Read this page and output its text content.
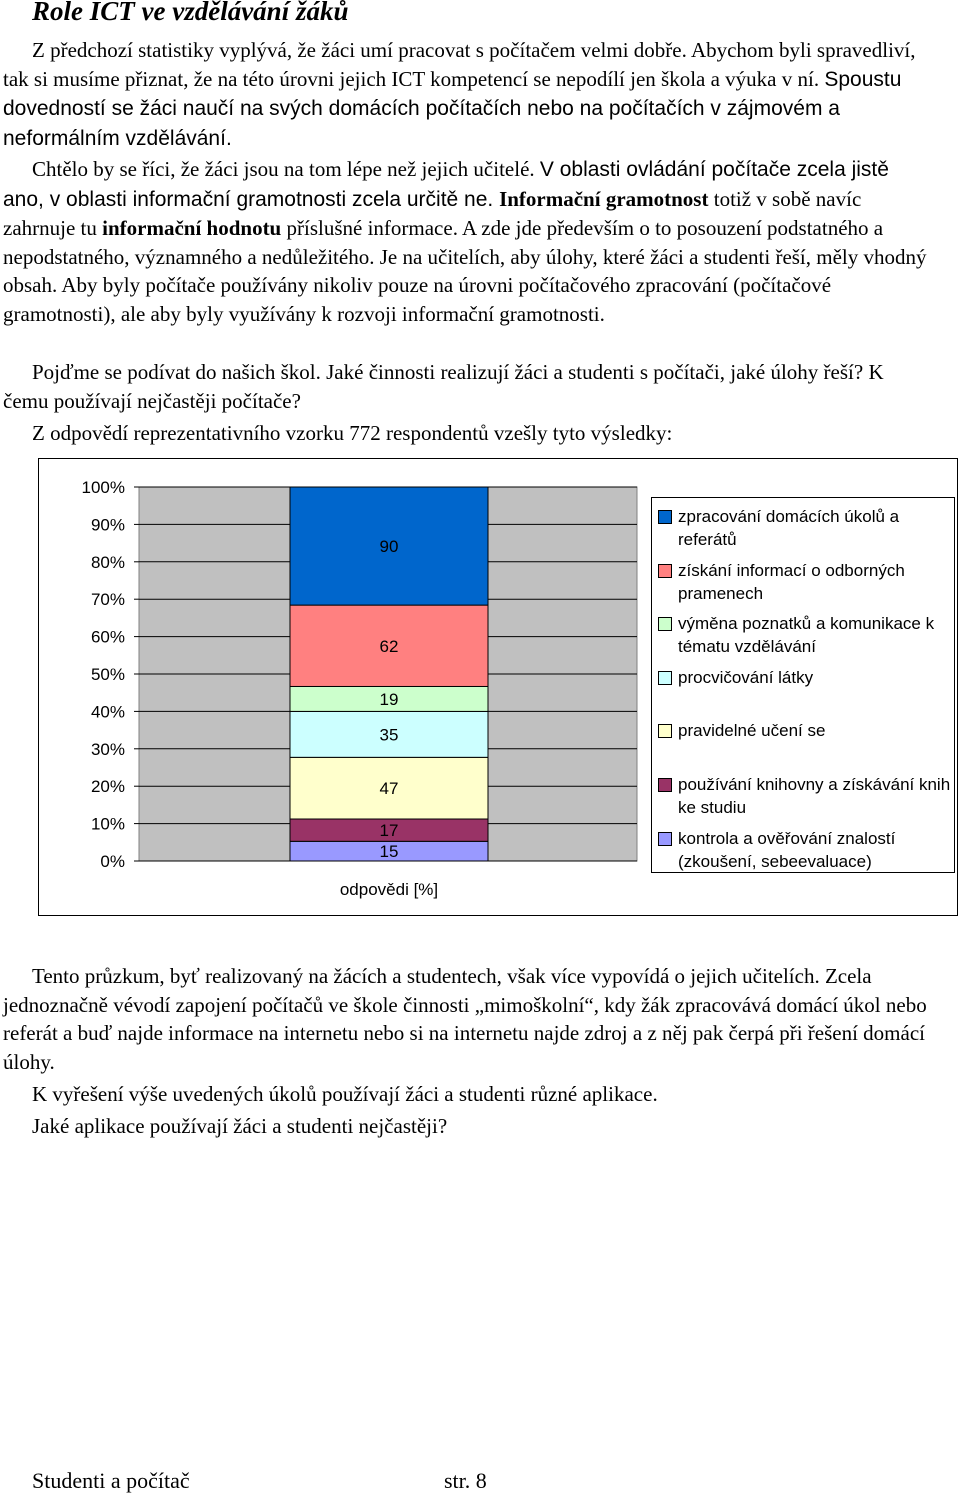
Role ICT ve vzdělávání žáků

Z předchozí statistiky vyplývá, že žáci umí pracovat s počítačem velmi dobře. Abychom byli spravedliví, tak si musíme přiznat, že na této úrovni jejich ICT kompetencí se nepodílí jen škola a výuka v ní. Spoustu dovedností se žáci naučí na svých domácích počítačích nebo na počítačích v zájmovém a neformálním vzdělávání.

Chtělo by se říci, že žáci jsou na tom lépe než jejich učitelé. V oblasti ovládání počítače zcela jistě ano, v oblasti informační gramotnosti zcela určitě ne. Informační gramotnost totiž v sobě navíc zahrnuje tu informační hodnotu příslušné informace. A zde jde především o to posouzení podstatného a nepodstatného, významného a nedůležitého. Je na učitelích, aby úlohy, které žáci a studenti řeší, měly vhodný obsah. Aby byly počítače používány nikoliv pouze na úrovni počítačového zpracování (počítačové gramotnosti), ale aby byly využívány k rozvoji informační gramotnosti.

Pojďme se podívat do našich škol. Jaké činnosti realizují žáci a studenti s počítači, jaké úlohy řeší? K čemu používají nejčastěji počítače?

Z odpovědí reprezentativního vzorku 772 respondentů vzešly tyto výsledky:

0%
10%
20%
30%
40%
50%
60%
70%
80%
90%
100%
15
17
47
35
19
62
90
odpovědi [%]
zpracování domácích úkolů a referátů
získání informací o odborných pramenech
výměna poznatků a komunikace k tématu vzdělávání
procvičování látky
pravidelné učení se
používání knihovny a získávání knih ke studiu
kontrola a ověřování znalostí (zkoušení, sebeevaluace)

Tento průzkum, byť realizovaný na žácích a studentech, však více vypovídá o jejich učitelích. Zcela jednoznačně vévodí zapojení počítačů ve škole činnosti „mimoškolní“, kdy žák zpracovává domácí úkol nebo referát a buď najde informace na internetu nebo si na internetu najde zdroj a z něj pak čerpá při řešení domácí úlohy.

K vyřešení výše uvedených úkolů používají žáci a studenti různé aplikace.

Jaké aplikace používají žáci a studenti nejčastěji?

Studenti a počítač	str. 8
